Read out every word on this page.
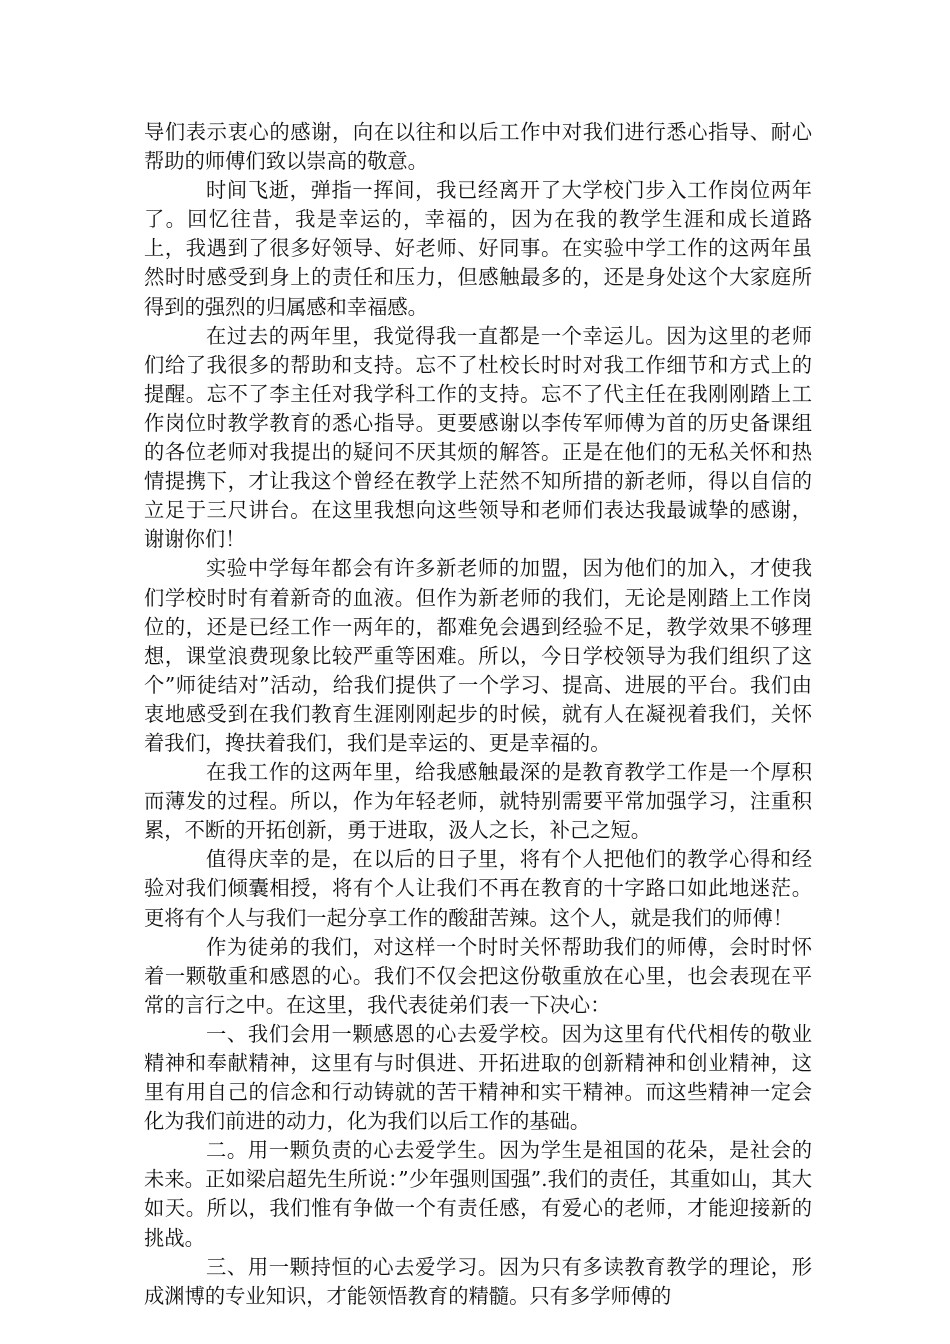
导们表示衷心的感谢，向在以往和以后工作中对我们进行悉心指导、耐心帮助的师傅们致以崇高的敬意。

时间飞逝，弹指一挥间，我已经离开了大学校门步入工作岗位两年了。回忆往昔，我是幸运的，幸福的，因为在我的教学生涯和成长道路上，我遇到了很多好领导、好老师、好同事。在实验中学工作的这两年虽然时时感受到身上的责任和压力，但感触最多的，还是身处这个大家庭所得到的强烈的归属感和幸福感。

在过去的两年里，我觉得我一直都是一个幸运儿。因为这里的老师们给了我很多的帮助和支持。忘不了杜校长时时对我工作细节和方式上的提醒。忘不了李主任对我学科工作的支持。忘不了代主任在我刚刚踏上工作岗位时教学教育的悉心指导。更要感谢以李传军师傅为首的历史备课组的各位老师对我提出的疑问不厌其烦的解答。正是在他们的无私关怀和热情提携下，才让我这个曾经在教学上茫然不知所措的新老师，得以自信的立足于三尺讲台。在这里我想向这些领导和老师们表达我最诚挚的感谢，谢谢你们！

实验中学每年都会有许多新老师的加盟，因为他们的加入，才使我们学校时时有着新奇的血液。但作为新老师的我们，无论是刚踏上工作岗位的，还是已经工作一两年的，都难免会遇到经验不足，教学效果不够理想，课堂浪费现象比较严重等困难。所以，今日学校领导为我们组织了这个”师徒结对”活动，给我们提供了一个学习、提高、进展的平台。我们由衷地感受到在我们教育生涯刚刚起步的时候，就有人在凝视着我们，关怀着我们，搀扶着我们，我们是幸运的、更是幸福的。

在我工作的这两年里，给我感触最深的是教育教学工作是一个厚积而薄发的过程。所以，作为年轻老师，就特别需要平常加强学习，注重积累，不断的开拓创新，勇于进取，汲人之长，补己之短。

值得庆幸的是，在以后的日子里，将有个人把他们的教学心得和经验对我们倾囊相授，将有个人让我们不再在教育的十字路口如此地迷茫。更将有个人与我们一起分享工作的酸甜苦辣。这个人，就是我们的师傅！

作为徒弟的我们，对这样一个时时关怀帮助我们的师傅，会时时怀着一颗敬重和感恩的心。我们不仅会把这份敬重放在心里，也会表现在平常的言行之中。在这里，我代表徒弟们表一下决心：

一、我们会用一颗感恩的心去爱学校。因为这里有代代相传的敬业精神和奉献精神，这里有与时俱进、开拓进取的创新精神和创业精神，这里有用自己的信念和行动铸就的苦干精神和实干精神。而这些精神一定会化为我们前进的动力，化为我们以后工作的基础。

二。用一颗负责的心去爱学生。因为学生是祖国的花朵，是社会的未来。正如梁启超先生所说：”少年强则国强”.我们的责任，其重如山，其大如天。所以，我们惟有争做一个有责任感，有爱心的老师，才能迎接新的挑战。

三、用一颗持恒的心去爱学习。因为只有多读教育教学的理论，形成渊博的专业知识，才能领悟教育的精髓。只有多学师傅的
